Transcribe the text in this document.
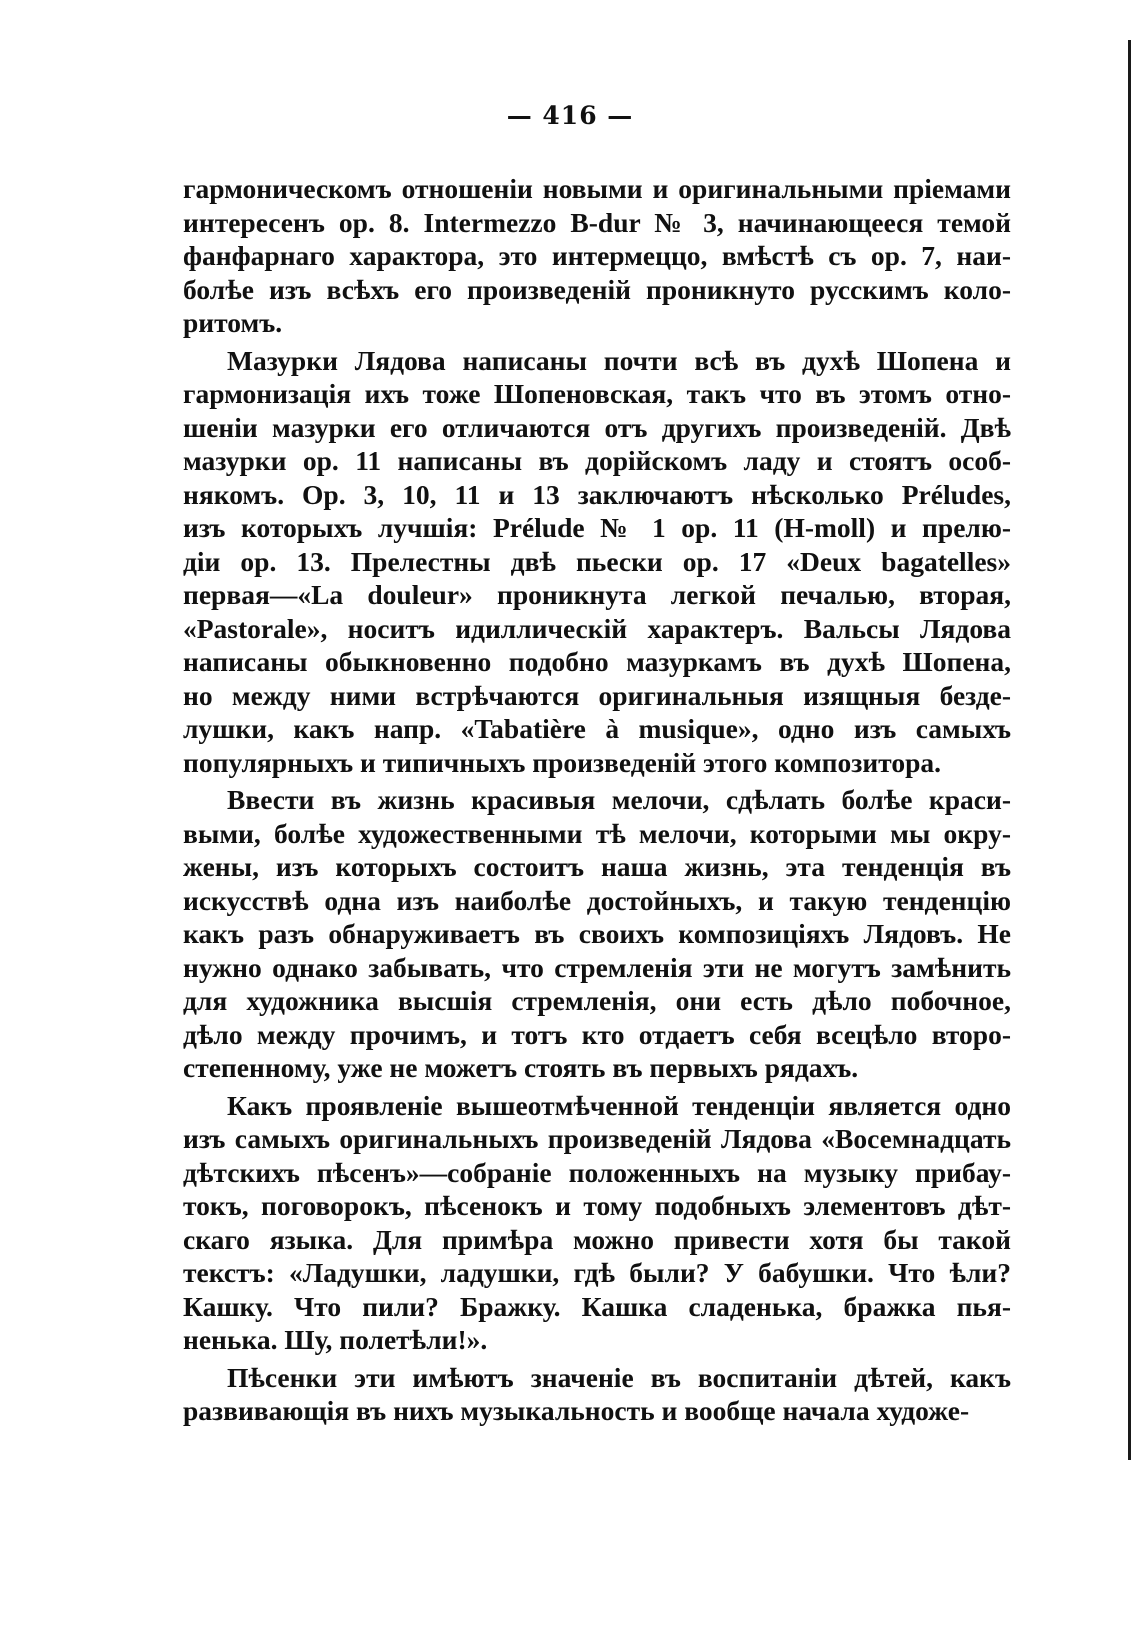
— 416 —
гармоническомъ отношеніи новыми и оригинальными пріемами
интересенъ ор. 8. Intermezzo B-dur № 3, начинающееся темой
фанфарнаго характора, это интермеццо, вмѣстѣ съ ор. 7, наи-
болѣе изъ всѣхъ его произведеній проникнуто русскимъ коло-
ритомъ.
Мазурки Лядова написаны почти всѣ въ духѣ Шопена и
гармонизація ихъ тоже Шопеновская, такъ что въ этомъ отно-
шеніи мазурки его отличаются отъ другихъ произведеній. Двѣ
мазурки ор. 11 написаны въ дорійскомъ ладу и стоятъ особ-
някомъ. Ор. 3, 10, 11 и 13 заключаютъ нѣсколько Préludes,
изъ которыхъ лучшія: Prélude № 1 ор. 11 (H-moll) и прелю-
діи ор. 13. Прелестны двѣ пьески ор. 17 «Deux bagatelles»
первая—«La douleur» проникнута легкой печалью, вторая,
«Pastorale», носитъ идиллическій характеръ. Вальсы Лядова
написаны обыкновенно подобно мазуркамъ въ духѣ Шопена,
но между ними встрѣчаются оригинальныя изящныя безде-
лушки, какъ напр. «Tabatière à musique», одно изъ самыхъ
популярныхъ и типичныхъ произведеній этого композитора.
Ввести въ жизнь красивыя мелочи, сдѣлать болѣе краси-
выми, болѣе художественными тѣ мелочи, которыми мы окру-
жены, изъ которыхъ состоитъ наша жизнь, эта тенденція въ
искусствѣ одна изъ наиболѣе достойныхъ, и такую тенденцію
какъ разъ обнаруживаетъ въ своихъ композиціяхъ Лядовъ. Не
нужно однако забывать, что стремленія эти не могутъ замѣнить
для художника высшія стремленія, они есть дѣло побочное,
дѣло между прочимъ, и тотъ кто отдаетъ себя всецѣло второ-
степенному, уже не можетъ стоять въ первыхъ рядахъ.
Какъ проявленіе вышеотмѣченной тенденціи является одно
изъ самыхъ оригинальныхъ произведеній Лядова «Восемнадцать
дѣтскихъ пѣсенъ»—собраніе положенныхъ на музыку прибау-
токъ, поговорокъ, пѣсенокъ и тому подобныхъ элементовъ дѣт-
скаго языка. Для примѣра можно привести хотя бы такой
текстъ: «Ладушки, ладушки, гдѣ были? У бабушки. Что ѣли?
Кашку. Что пили? Бражку. Кашка сладенька, бражка пья-
ненька. Шу, полетѣли!».
Пѣсенки эти имѣютъ значеніе въ воспитаніи дѣтей, какъ
развивающія въ нихъ музыкальность и вообще начала художе-
